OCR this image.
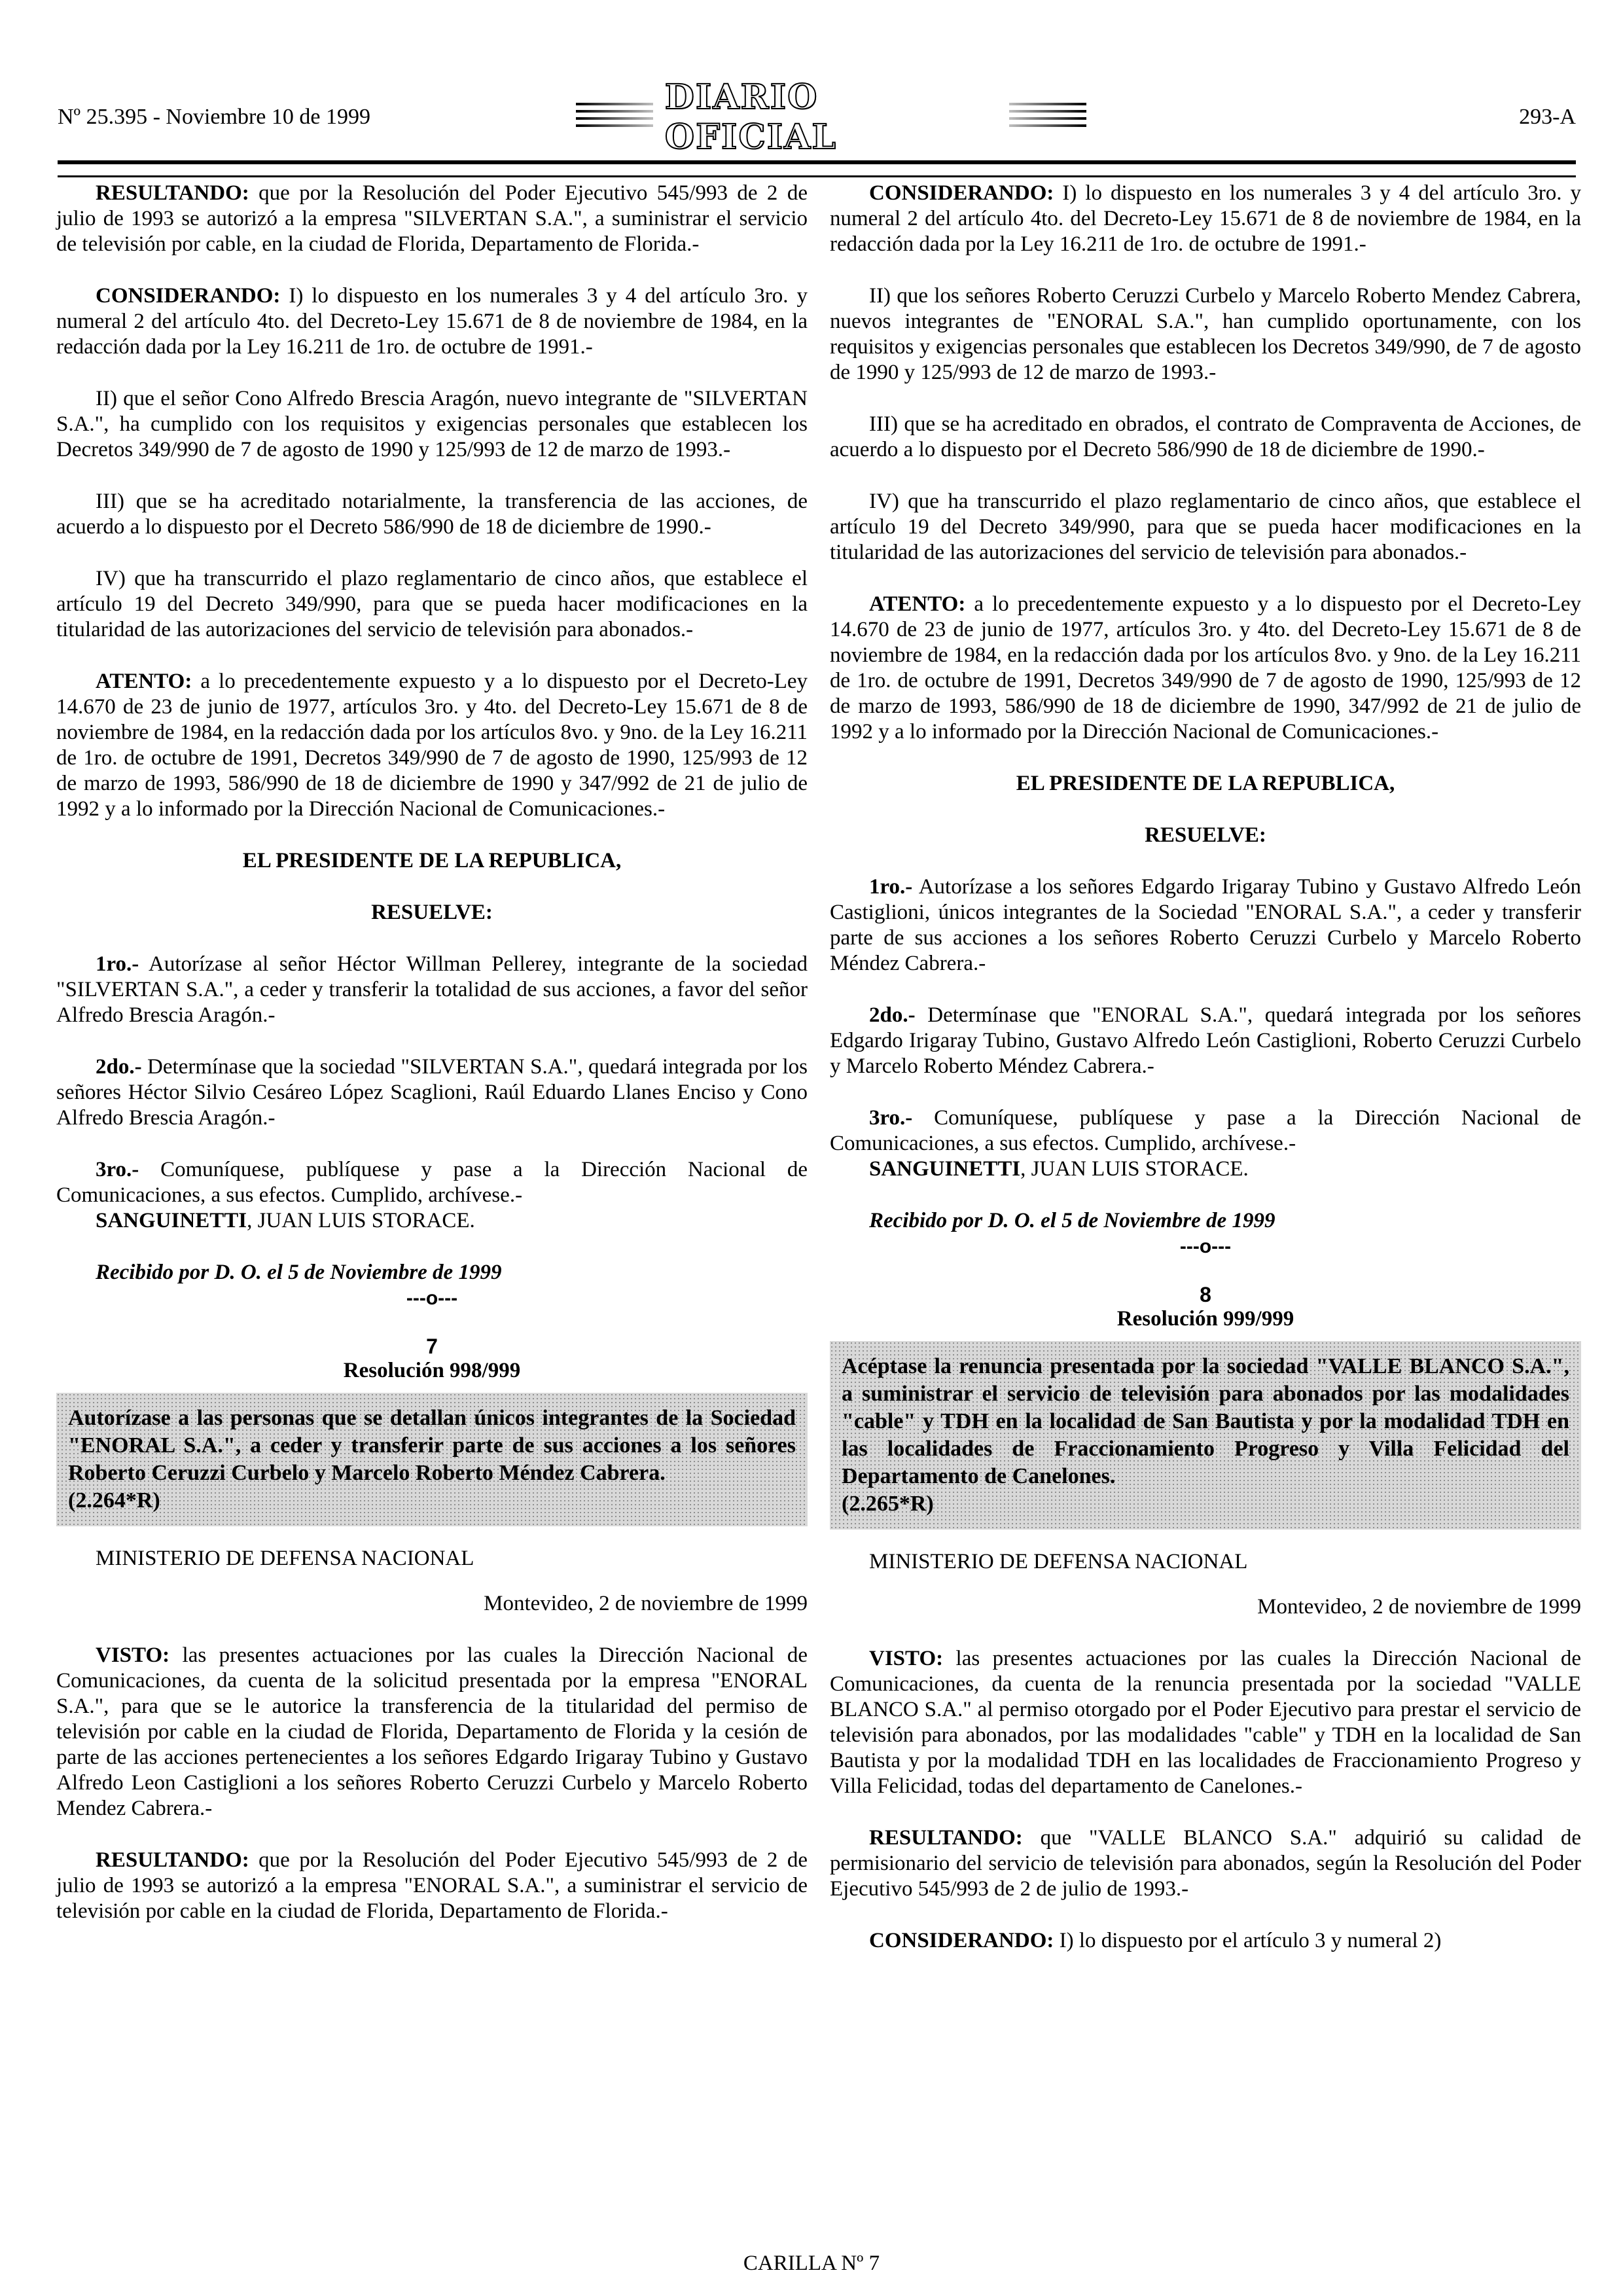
Nº 25.395 - Noviembre 10 de 1999	DIARIO OFICIAL
293-A

RESULTANDO: que por la Resolución del Poder Ejecutivo 545/993 de 2 de julio de 1993 se autorizó a la empresa "SILVERTAN S.A.", a suministrar el servicio de televisión por cable, en la ciudad de Florida, Departamento de Florida.-

CONSIDERANDO: I) lo dispuesto en los numerales 3 y 4 del artículo 3ro. y numeral 2 del artículo 4to. del Decreto-Ley 15.671 de 8 de noviembre de 1984, en la redacción dada por la Ley 16.211 de 1ro. de octubre de 1991.-

II) que el señor Cono Alfredo Brescia Aragón, nuevo integrante de "SILVERTAN S.A.", ha cumplido con los requisitos y exigencias personales que establecen los Decretos 349/990 de 7 de agosto de 1990 y 125/993 de 12 de marzo de 1993.-

III) que se ha acreditado notarialmente, la transferencia de las acciones, de acuerdo a lo dispuesto por el Decreto 586/990 de 18 de diciembre de 1990.-

IV) que ha transcurrido el plazo reglamentario de cinco años, que establece el artículo 19 del Decreto 349/990, para que se pueda hacer modificaciones en la titularidad de las autorizaciones del servicio de televisión para abonados.-

ATENTO: a lo precedentemente expuesto y a lo dispuesto por el Decreto-Ley 14.670 de 23 de junio de 1977, artículos 3ro. y 4to. del Decreto-Ley 15.671 de 8 de noviembre de 1984, en la redacción dada por los artículos 8vo. y 9no. de la Ley 16.211 de 1ro. de octubre de 1991, Decretos 349/990 de 7 de agosto de 1990, 125/993 de 12 de marzo de 1993, 586/990 de 18 de diciembre de 1990 y 347/992 de 21 de julio de 1992 y a lo informado por la Dirección Nacional de Comunicaciones.-

EL PRESIDENTE DE LA REPUBLICA,

RESUELVE:

1ro.- Autorízase al señor Héctor Willman Pellerey, integrante de la sociedad "SILVERTAN S.A.", a ceder y transferir la totalidad de sus acciones, a favor del señor Alfredo Brescia Aragón.-

2do.- Determínase que la sociedad "SILVERTAN S.A.", quedará integrada por los señores Héctor Silvio Cesáreo López Scaglioni, Raúl Eduardo Llanes Enciso y Cono Alfredo Brescia Aragón.-

3ro.- Comuníquese, publíquese y pase a la Dirección Nacional de Comunicaciones, a sus efectos. Cumplido, archívese.-

SANGUINETTI, JUAN LUIS STORACE.

Recibido por D. O. el 5 de Noviembre de 1999

---o---
7
Resolución 998/999
Autorízase a las personas que se detallan únicos integrantes de la Sociedad "ENORAL S.A.", a ceder y transferir parte de sus acciones a los señores Roberto Ceruzzi Curbelo y Marcelo Roberto Méndez Cabrera.
(2.264*R)

MINISTERIO DE DEFENSA NACIONAL

Montevideo, 2 de noviembre de 1999

VISTO: las presentes actuaciones por las cuales la Dirección Nacional de Comunicaciones, da cuenta de la solicitud presentada por la empresa "ENORAL S.A.", para que se le autorice la transferencia de la titularidad del permiso de televisión por cable en la ciudad de Florida, Departamento de Florida y la cesión de parte de las acciones pertenecientes a los señores Edgardo Irigaray Tubino y Gustavo Alfredo Leon Castiglioni a los señores Roberto Ceruzzi Curbelo y Marcelo Roberto Mendez Cabrera.-

RESULTANDO: que por la Resolución del Poder Ejecutivo 545/993 de 2 de julio de 1993 se autorizó a la empresa "ENORAL S.A.", a suministrar el servicio de televisión por cable en la ciudad de Florida, Departamento de Florida.-

CONSIDERANDO: I) lo dispuesto en los numerales 3 y 4 del artículo 3ro. y numeral 2 del artículo 4to. del Decreto-Ley 15.671 de 8 de noviembre de 1984, en la redacción dada por la Ley 16.211 de 1ro. de octubre de 1991.-

II) que los señores Roberto Ceruzzi Curbelo y Marcelo Roberto Mendez Cabrera, nuevos integrantes de "ENORAL S.A.", han cumplido oportunamente, con los requisitos y exigencias personales que establecen los Decretos 349/990, de 7 de agosto de 1990 y 125/993 de 12 de marzo de 1993.-

III) que se ha acreditado en obrados, el contrato de Compraventa de Acciones, de acuerdo a lo dispuesto por el Decreto 586/990 de 18 de diciembre de 1990.-

IV) que ha transcurrido el plazo reglamentario de cinco años, que establece el artículo 19 del Decreto 349/990, para que se pueda hacer modificaciones en la titularidad de las autorizaciones del servicio de televisión para abonados.-

ATENTO: a lo precedentemente expuesto y a lo dispuesto por el Decreto-Ley 14.670 de 23 de junio de 1977, artículos 3ro. y 4to. del Decreto-Ley 15.671 de 8 de noviembre de 1984, en la redacción dada por los artículos 8vo. y 9no. de la Ley 16.211 de 1ro. de octubre de 1991, Decretos 349/990 de 7 de agosto de 1990, 125/993 de 12 de marzo de 1993, 586/990 de 18 de diciembre de 1990, 347/992 de 21 de julio de 1992 y a lo informado por la Dirección Nacional de Comunicaciones.-

EL PRESIDENTE DE LA REPUBLICA,

RESUELVE:

1ro.- Autorízase a los señores Edgardo Irigaray Tubino y Gustavo Alfredo León Castiglioni, únicos integrantes de la Sociedad "ENORAL S.A.", a ceder y transferir parte de sus acciones a los señores Roberto Ceruzzi Curbelo y Marcelo Roberto Méndez Cabrera.-

2do.- Determínase que "ENORAL S.A.", quedará integrada por los señores Edgardo Irigaray Tubino, Gustavo Alfredo León Castiglioni, Roberto Ceruzzi Curbelo y Marcelo Roberto Méndez Cabrera.-

3ro.- Comuníquese, publíquese y pase a la Dirección Nacional de Comunicaciones, a sus efectos. Cumplido, archívese.-

SANGUINETTI, JUAN LUIS STORACE.

Recibido por D. O. el 5 de Noviembre de 1999

---o---
8
Resolución 999/999
Acéptase la renuncia presentada por la sociedad "VALLE BLANCO S.A.", a suministrar el servicio de televisión para abonados por las modalidades "cable" y TDH en la localidad de San Bautista y por la modalidad TDH en las localidades de Fraccionamiento Progreso y Villa Felicidad del Departamento de Canelones.
(2.265*R)

MINISTERIO DE DEFENSA NACIONAL

Montevideo, 2 de noviembre de 1999

VISTO: las presentes actuaciones por las cuales la Dirección Nacional de Comunicaciones, da cuenta de la renuncia presentada por la sociedad "VALLE BLANCO S.A." al permiso otorgado por el Poder Ejecutivo para prestar el servicio de televisión para abonados, por las modalidades "cable" y TDH en la localidad de San Bautista y por la modalidad TDH en las localidades de Fraccionamiento Progreso y Villa Felicidad, todas del departamento de Canelones.-

RESULTANDO: que "VALLE BLANCO S.A." adquirió su calidad de permisionario del servicio de televisión para abonados, según la Resolución del Poder Ejecutivo 545/993 de 2 de julio de 1993.-

CONSIDERANDO: I) lo dispuesto por el artículo 3 y numeral 2)

CARILLA Nº 7
